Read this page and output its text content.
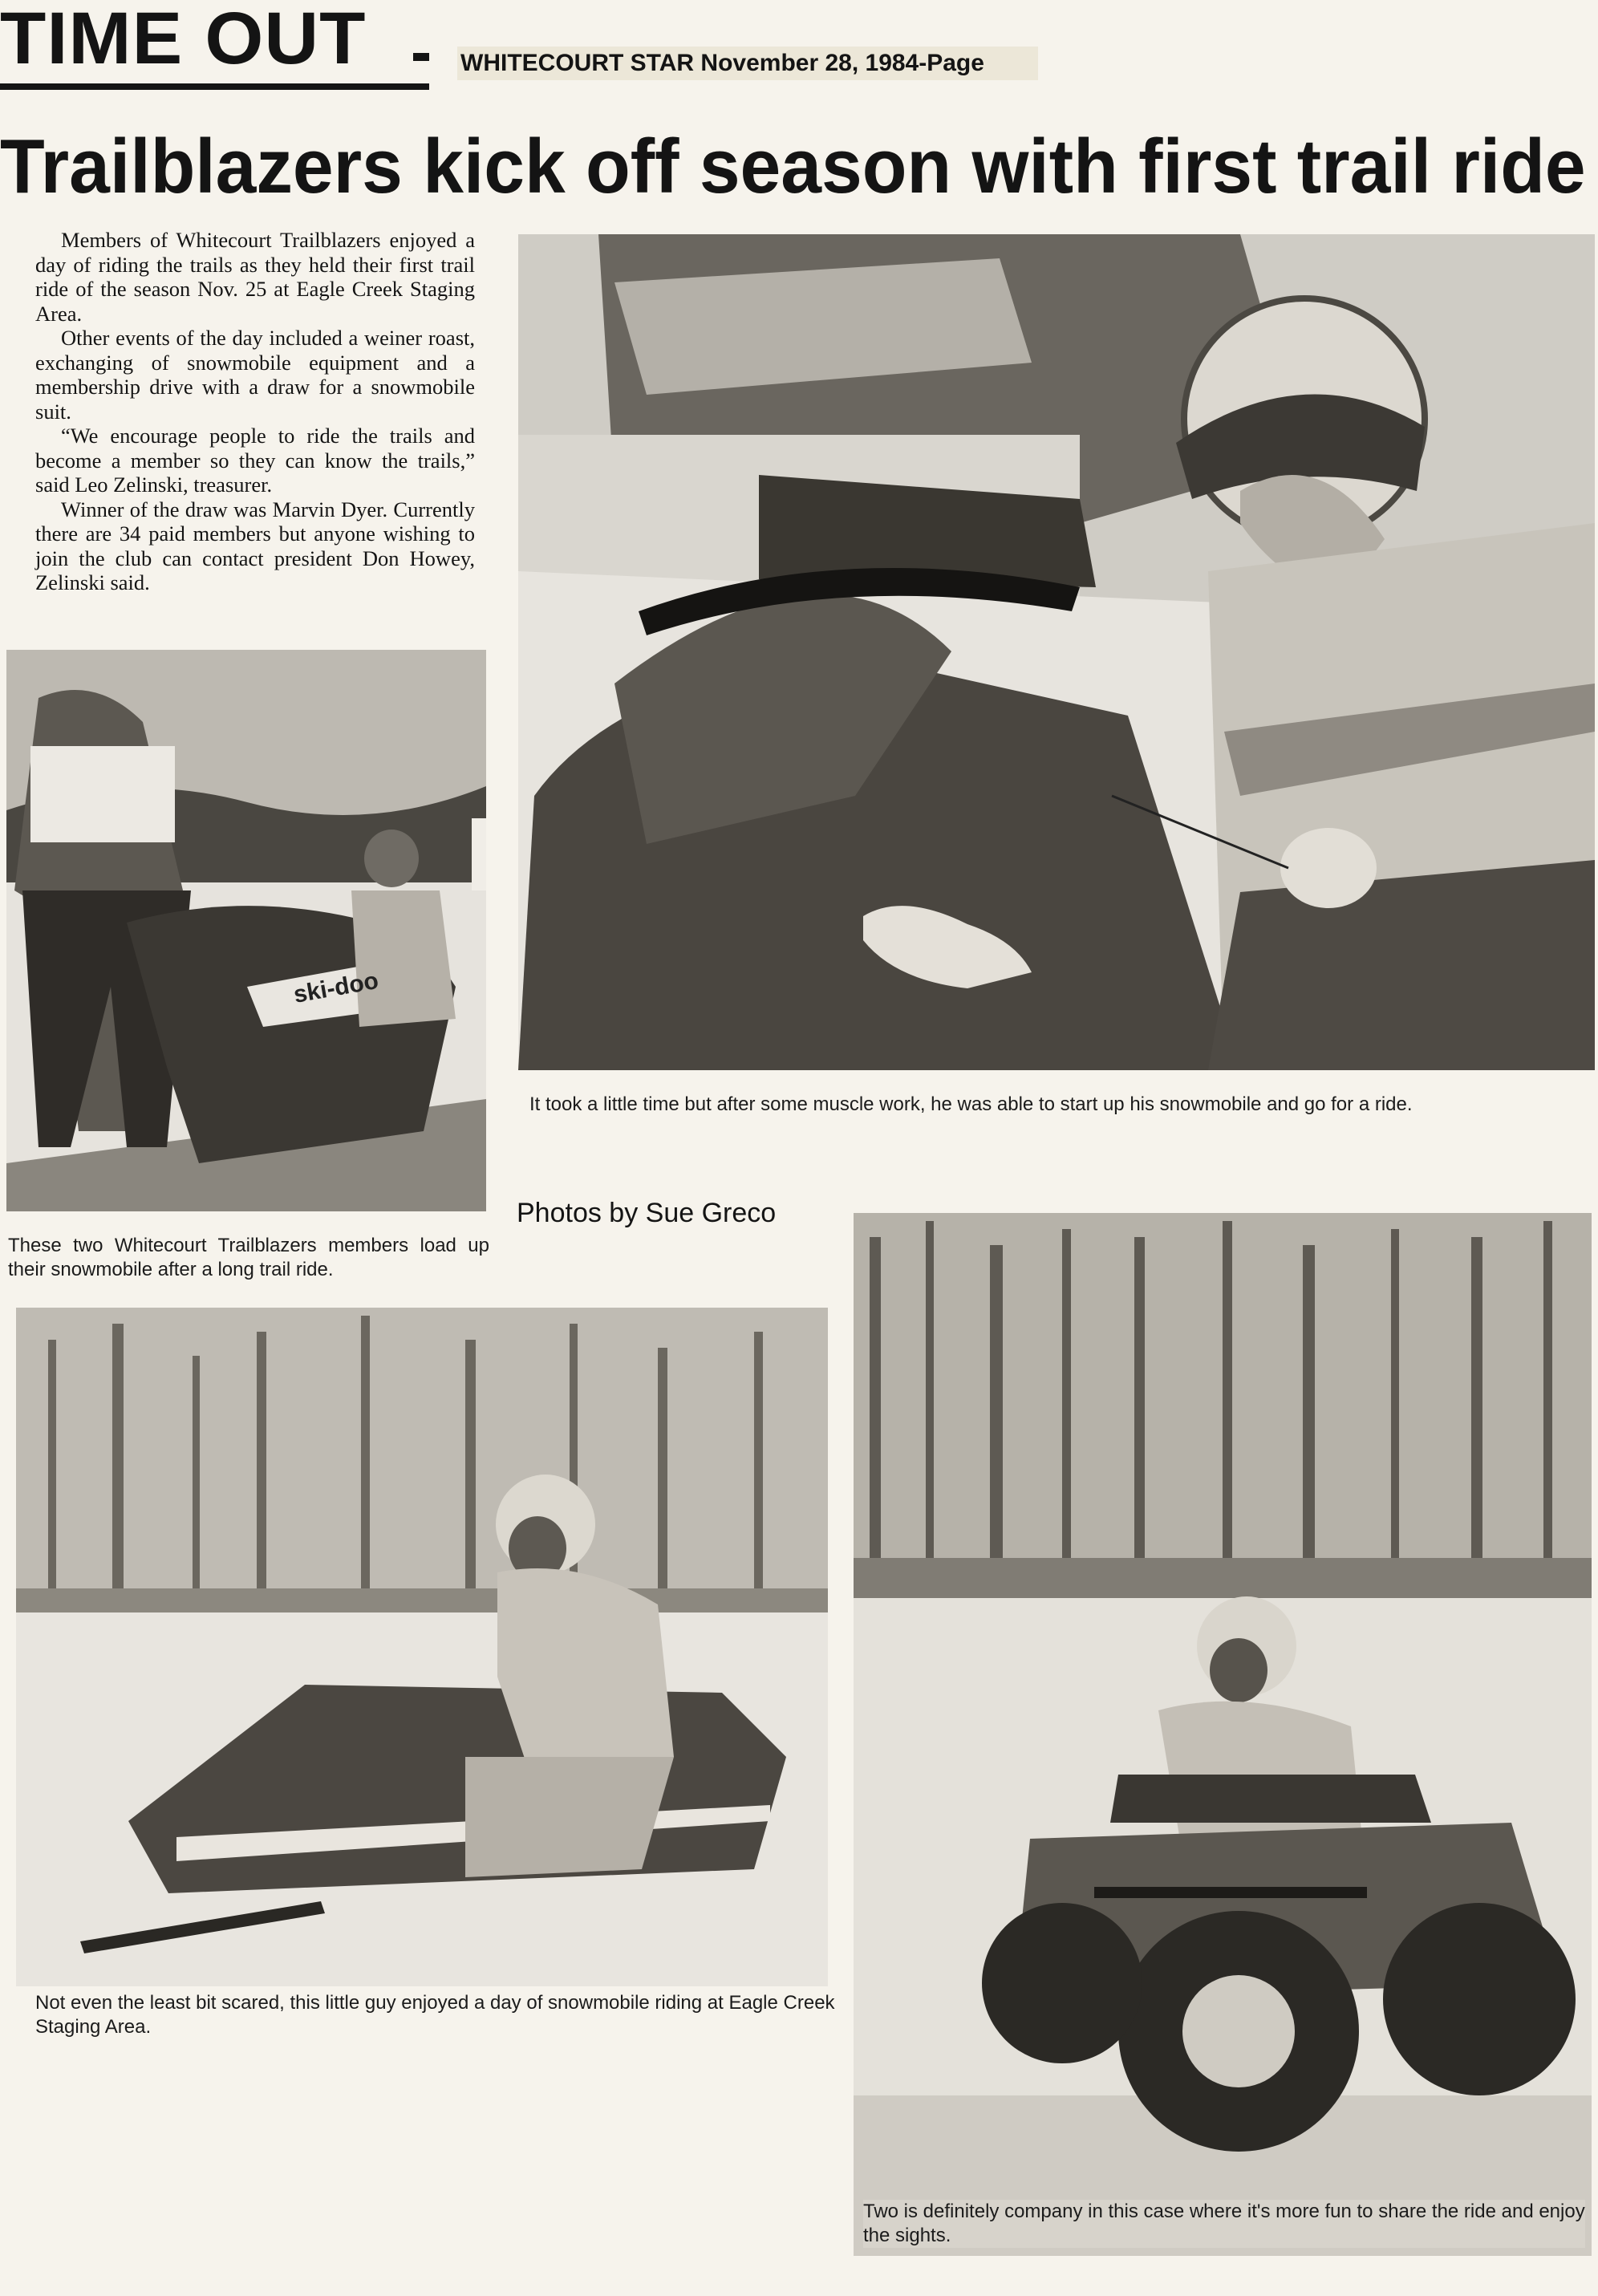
TIME OUT	WHITECOURT STAR November 28, 1984-Page
Trailblazers kick off season with first trail ride

Members of Whitecourt Trailblazers enjoyed a day of riding the trails as they held their first trail ride of the season Nov. 25 at Eagle Creek Staging Area.

Other events of the day included a weiner roast, exchanging of snowmobile equipment and a membership drive with a draw for a snowmobile suit.

“We encourage people to ride the trails and become a member so they can know the trails,” said Leo Zelinski, treasurer.

Winner of the draw was Marvin Dyer. Currently there are 34 paid members but anyone wishing to join the club can contact president Don Howey, Zelinski said.

ski-doo
These two Whitecourt Trailblazers members load up their snowmobile after a long trail ride.
It took a little time but after some muscle work, he was able to start up his snowmobile and go for a ride.
Photos by Sue Greco
Not even the least bit scared, this little guy enjoyed a day of snowmobile riding at Eagle Creek Staging Area.
Two is definitely company in this case where it's more fun to share the ride and enjoy the sights.
